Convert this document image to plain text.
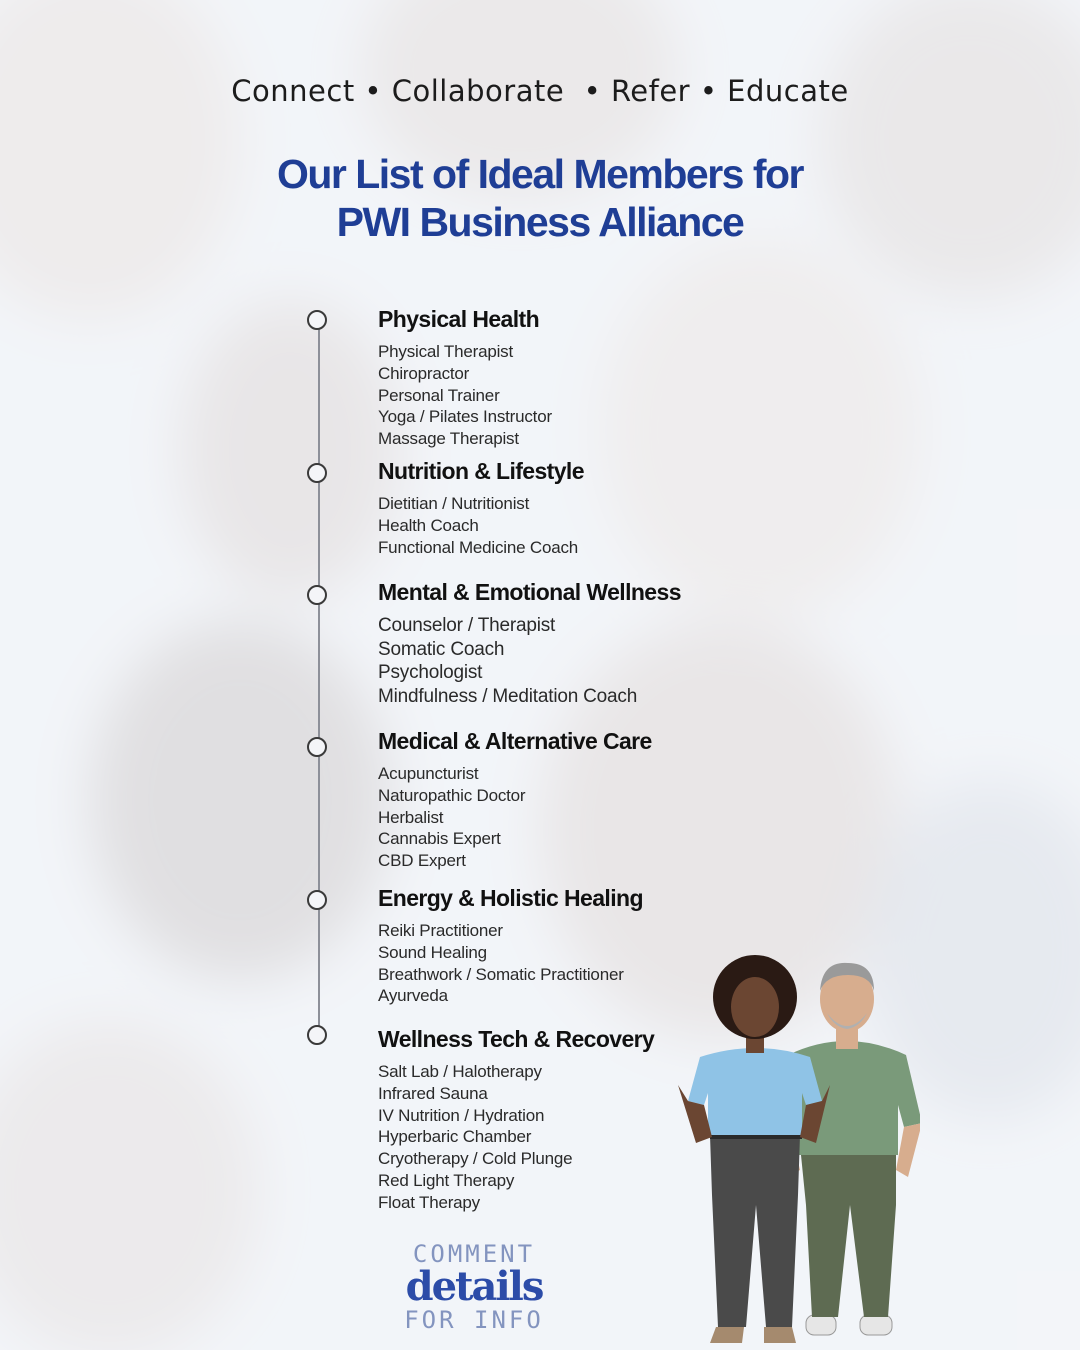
Connect • Collaborate  • Refer • Educate
Our List of Ideal Members for
PWI Business Alliance
Physical Health
Physical Therapist
Chiropractor
Personal Trainer
Yoga / Pilates Instructor
Massage Therapist
Nutrition & Lifestyle
Dietitian / Nutritionist
Health Coach
Functional Medicine Coach
Mental & Emotional Wellness
Counselor / Therapist
Somatic Coach
Psychologist
Mindfulness / Meditation Coach
Medical & Alternative Care
Acupuncturist
Naturopathic Doctor
Herbalist
Cannabis Expert
CBD Expert
Energy & Holistic Healing
Reiki Practitioner
Sound Healing
Breathwork / Somatic Practitioner
Ayurveda
Wellness Tech & Recovery
Salt Lab / Halotherapy
Infrared Sauna
IV Nutrition / Hydration
Hyperbaric Chamber
Cryotherapy / Cold Plunge
Red Light Therapy
Float Therapy
COMMENT
details
FOR INFO
